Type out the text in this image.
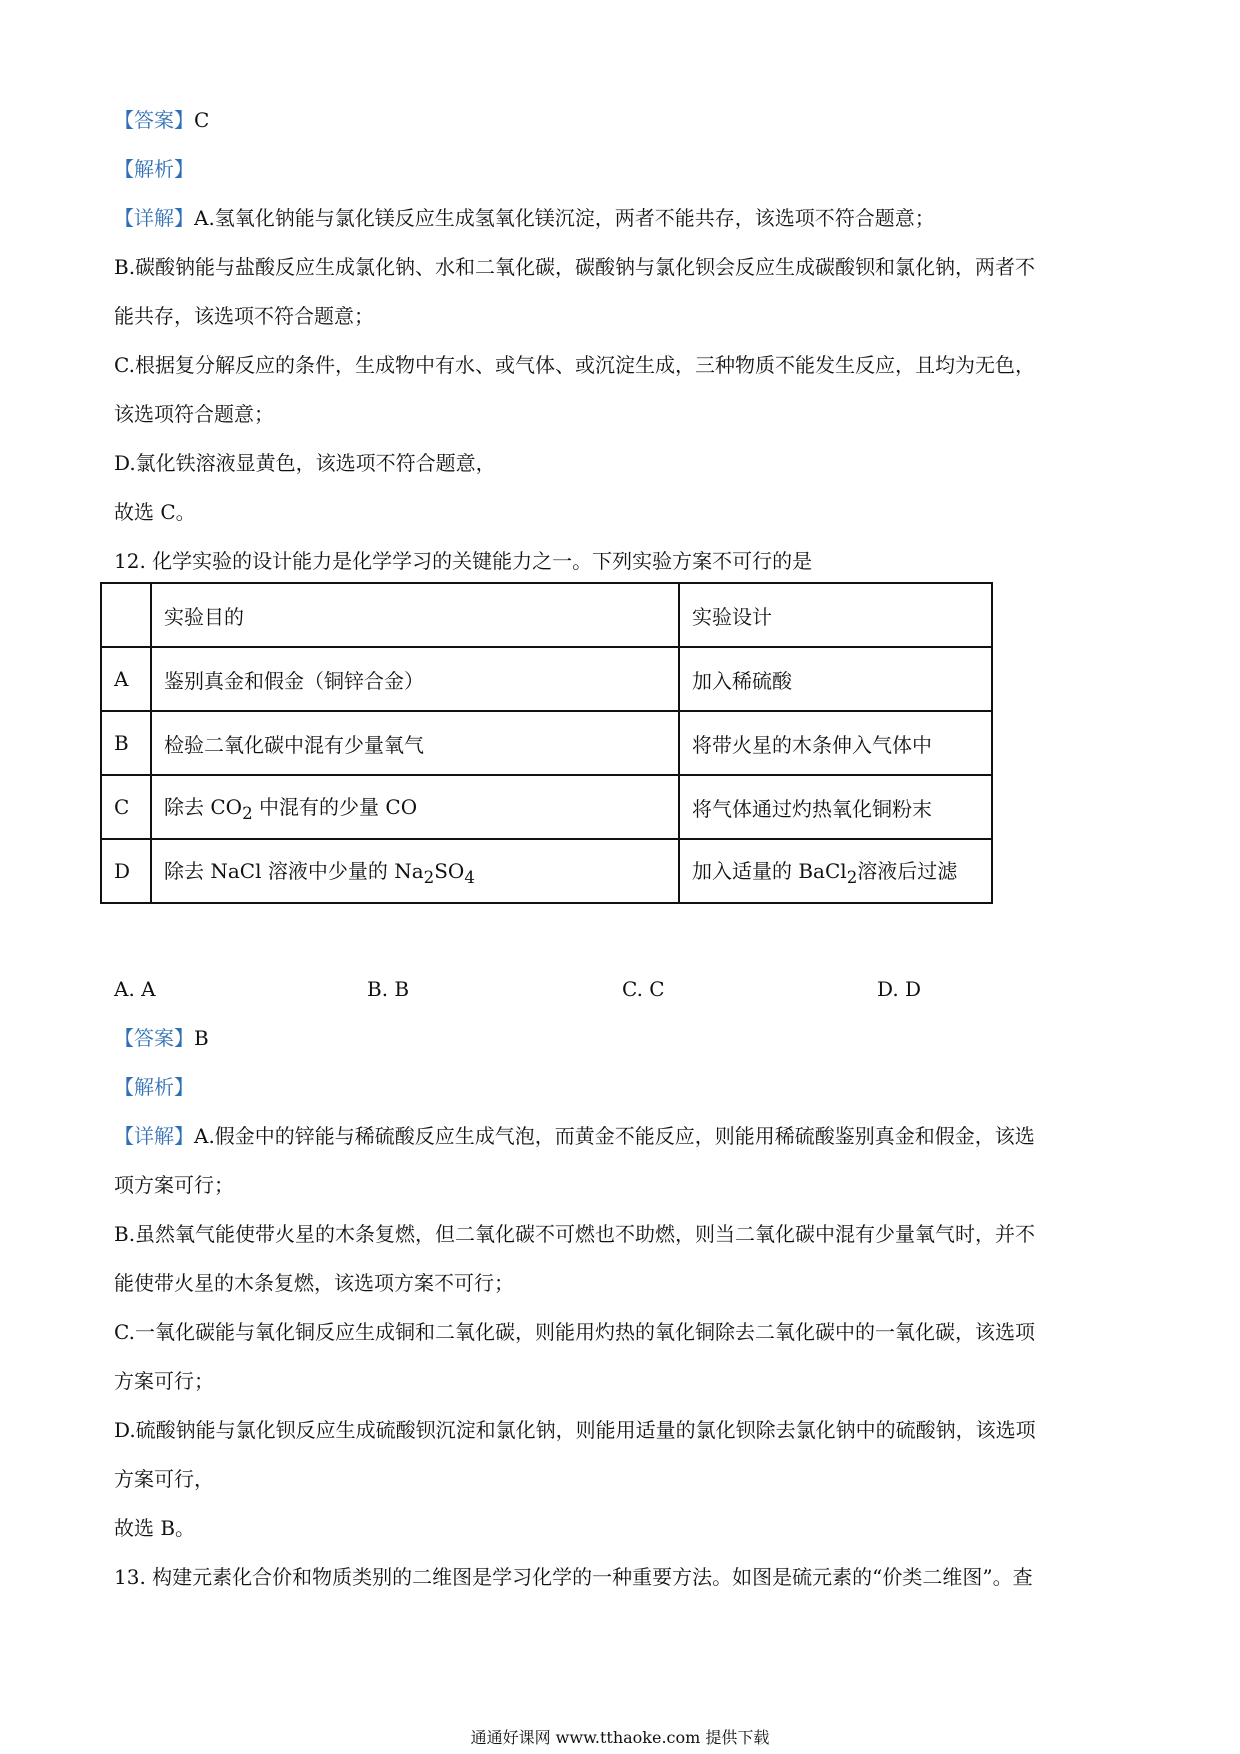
【答案】C
【解析】
【详解】A.氢氧化钠能与氯化镁反应生成氢氧化镁沉淀，两者不能共存，该选项不符合题意；
B.碳酸钠能与盐酸反应生成氯化钠、水和二氧化碳，碳酸钠与氯化钡会反应生成碳酸钡和氯化钠，两者不
能共存，该选项不符合题意；
C.根据复分解反应的条件，生成物中有水、或气体、或沉淀生成，三种物质不能发生反应，且均为无色，
该选项符合题意；
D.氯化铁溶液显黄色，该选项不符合题意，
故选 C。
12. 化学实验的设计能力是化学学习的关键能力之一。下列实验方案不可行的是
	实验目的	实验设计
A	鉴别真金和假金（铜锌合金）	加入稀硫酸
B	检验二氧化碳中混有少量氧气	将带火星的木条伸入气体中
C	除去 $CO_2$ 中混有的少量 CO	将气体通过灼热氧化铜粉末
D	除去 NaCl 溶液中少量的 $Na_2SO_4$	加入适量的 BaCl$_2$溶液后过滤
A. A	B. B	C. C	D. D
【答案】B
【解析】
【详解】A.假金中的锌能与稀硫酸反应生成气泡，而黄金不能反应，则能用稀硫酸鉴别真金和假金，该选
项方案可行；
B.虽然氧气能使带火星的木条复燃，但二氧化碳不可燃也不助燃，则当二氧化碳中混有少量氧气时，并不
能使带火星的木条复燃，该选项方案不可行；
C.一氧化碳能与氧化铜反应生成铜和二氧化碳，则能用灼热的氧化铜除去二氧化碳中的一氧化碳，该选项
方案可行；
D.硫酸钠能与氯化钡反应生成硫酸钡沉淀和氯化钠，则能用适量的氯化钡除去氯化钠中的硫酸钠，该选项
方案可行，
故选 B。
13. 构建元素化合价和物质类别的二维图是学习化学的一种重要方法。如图是硫元素的“价类二维图”。查
通通好课网 www.tthaoke.com 提供下载
